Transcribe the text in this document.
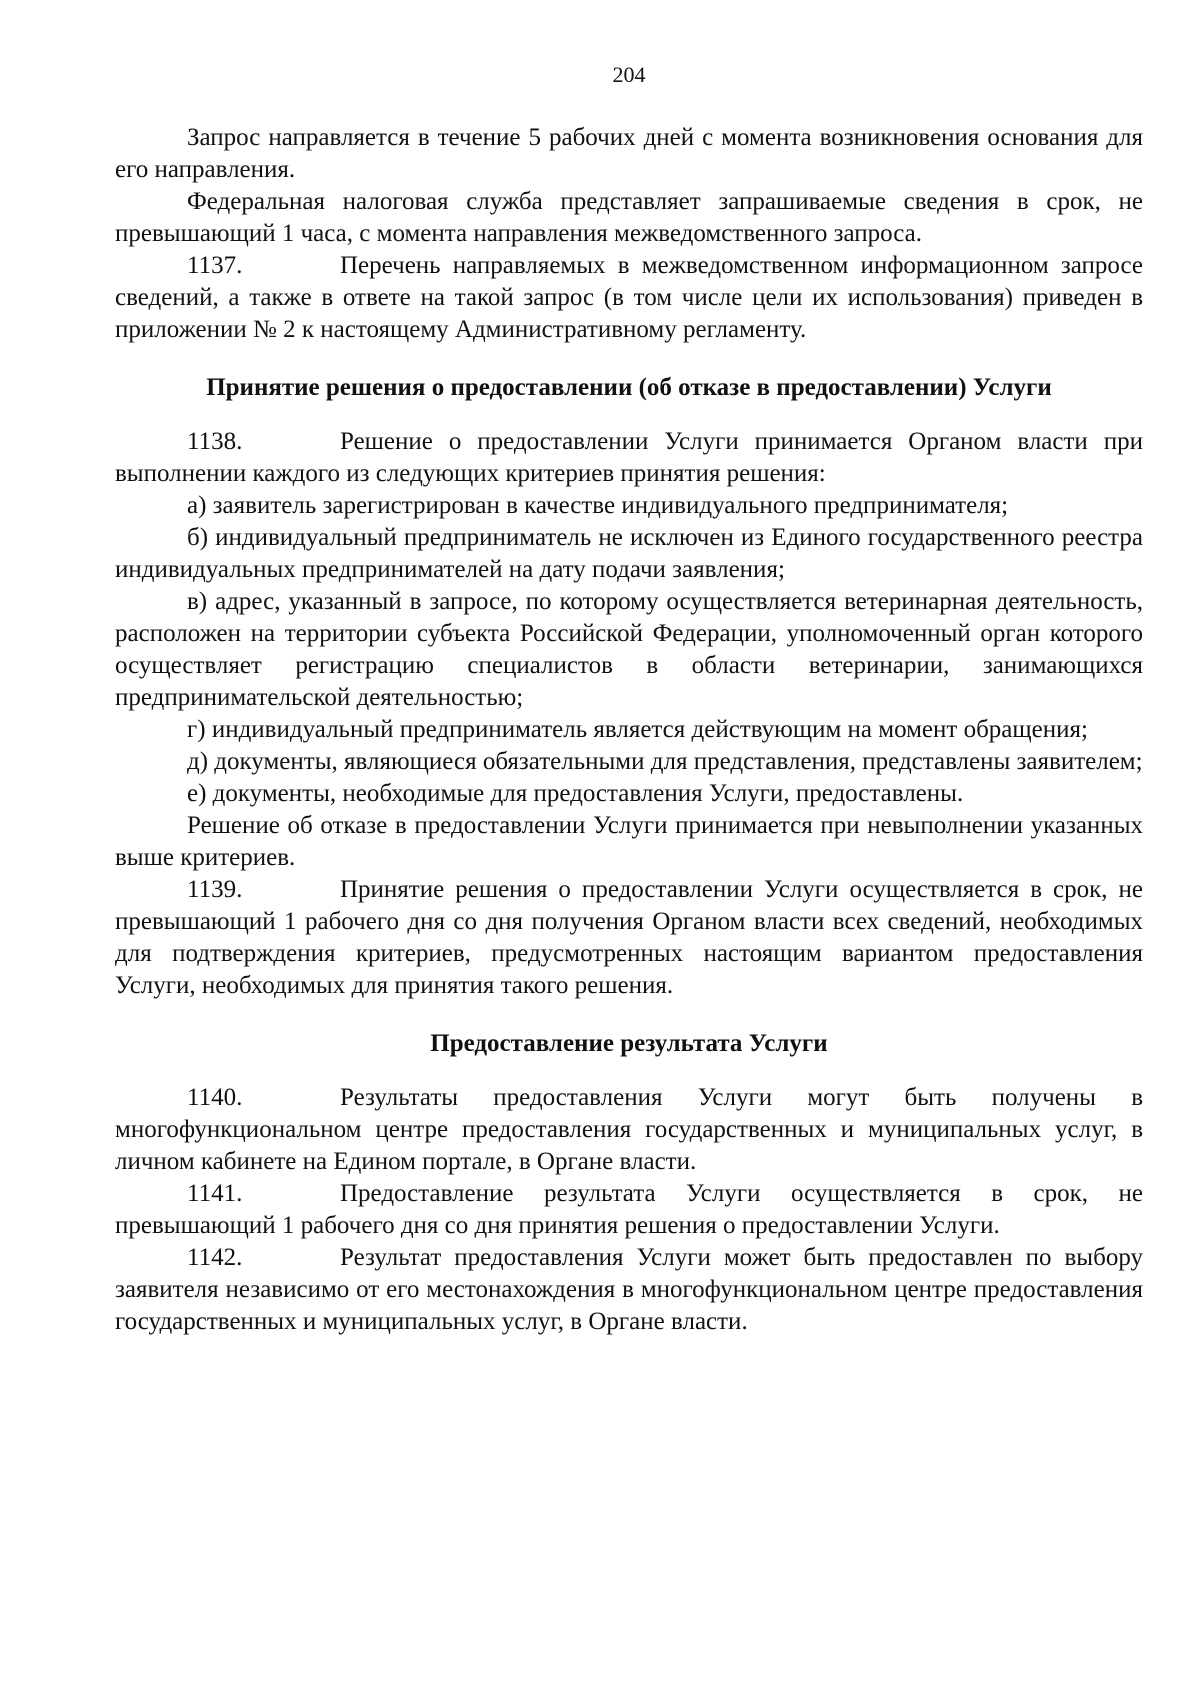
204

Запрос направляется в течение 5 рабочих дней с момента возникновения основания для его направления.

Федеральная налоговая служба представляет запрашиваемые сведения в срок, не превышающий 1 часа, с момента направления межведомственного запроса.

1137.	Перечень направляемых в межведомственном информационном запросе сведений, а также в ответе на такой запрос (в том числе цели их использования) приведен в приложении № 2 к настоящему Административному регламенту.

Принятие решения о предоставлении (об отказе в предоставлении) Услуги

1138.	Решение о предоставлении Услуги принимается Органом власти при выполнении каждого из следующих критериев принятия решения:

а) заявитель зарегистрирован в качестве индивидуального предпринимателя;

б) индивидуальный предприниматель не исключен из Единого государственного реестра индивидуальных предпринимателей на дату подачи заявления;

в) адрес, указанный в запросе, по которому осуществляется ветеринарная деятельность, расположен на территории субъекта Российской Федерации, уполномоченный орган которого осуществляет регистрацию специалистов в области ветеринарии, занимающихся предпринимательской деятельностью;

г) индивидуальный предприниматель является действующим на момент обращения;

д) документы, являющиеся обязательными для представления, представлены заявителем;

е) документы, необходимые для предоставления Услуги, предоставлены.

Решение об отказе в предоставлении Услуги принимается при невыполнении указанных выше критериев.

1139.	Принятие решения о предоставлении Услуги осуществляется в срок, не превышающий 1 рабочего дня со дня получения Органом власти всех сведений, необходимых для подтверждения критериев, предусмотренных настоящим вариантом предоставления Услуги, необходимых для принятия такого решения.

Предоставление результата Услуги

1140.	Результаты предоставления Услуги могут быть получены в многофункциональном центре предоставления государственных и муниципальных услуг, в личном кабинете на Едином портале, в Органе власти.

1141.	Предоставление результата Услуги осуществляется в срок, не превышающий 1 рабочего дня со дня принятия решения о предоставлении Услуги.

1142.	Результат предоставления Услуги может быть предоставлен по выбору заявителя независимо от его местонахождения в многофункциональном центре предоставления государственных и муниципальных услуг, в Органе власти.
